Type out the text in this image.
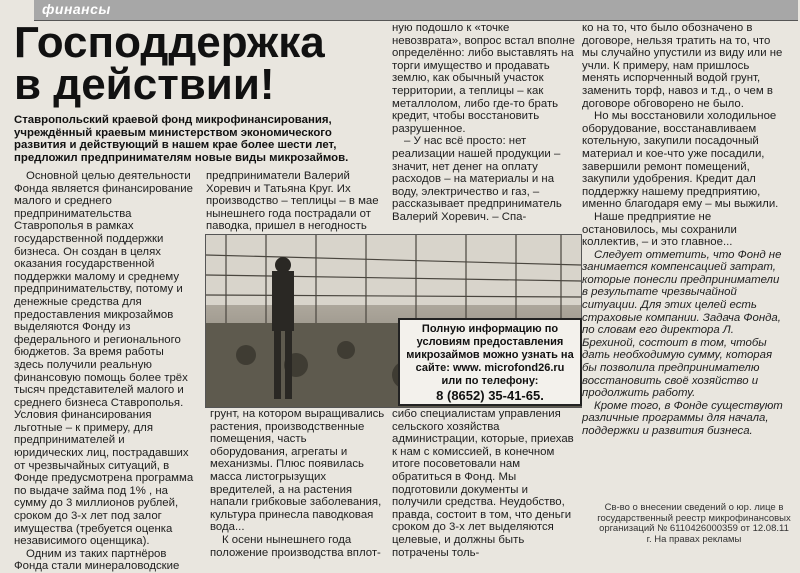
финансы
Господдержка
в действии!
Ставропольский краевой фонд микрофинансирования, учреждённый краевым министерством экономического развития и действующий в нашем крае более шести лет, предложил предпринимателям новые виды микрозаймов.

Основной целью деятельности Фонда является финансирование малого и среднего предпринимательства Ставрополья в рамках государственной поддержки бизнеса. Он создан в целях оказания государственной поддержки малому и среднему предпринимательству, потому и денежные средства для предоставления микрозаймов выделяются Фонду из федерального и регионального бюджетов. За время работы здесь получили реальную финансовую помощь более трёх тысяч представителей малого и среднего бизнеса Ставрополья. Условия финансирования льготные – к примеру, для предпринимателей и юридических лиц, пострадавших от чрезвычайных ситуаций, в Фонде предусмотрена программа по выдаче займа под 1% , на сумму до 3 миллионов рублей, сроком до 3-х лет под залог имущества (требуется оценка независимого оценщика).

Одним из таких партнёров Фонда стали минераловодские

предприниматели Валерий Хоревич и Татьяна Круг. Их производство – теплицы – в мае нынешнего года пострадали от паводка, пришел в негодность

ную подошло к «точке невозврата», вопрос встал вполне определённо: либо выставлять на торги имущество и продавать землю, как обычный участок территории, а теплицы – как металлолом, либо где-то брать кредит, чтобы восстановить разрушенное.

– У нас всё просто: нет реализации нашей продукции – значит, нет денег на оплату расходов – на материалы и на воду, электричество и газ, – рассказывает предприниматель Валерий Хоревич. – Спа-

ко на то, что было обозначено в договоре, нельзя тратить на то, что мы случайно упустили из виду или не учли. К примеру, нам пришлось менять испорченный водой грунт, заменить торф, навоз и т.д., о чем в договоре обговорено не было.

Но мы восстановили холодильное оборудование, восстанавливаем котельную, закупили посадочный материал и кое-что уже посадили, завершили ремонт помещений, закупили удобрения. Кредит дал поддержку нашему предприятию, именно благодаря ему – мы выжили.

Наше предприятие не остановилось, мы сохранили коллектив, – и это главное...

Следует отметить, что Фонд не занимается компенсацией затрат, которые понесли предприниматели в результате чрезвычайной ситуации. Для этих целей есть страховые компании. Задача Фонда, по словам его директора Л. Брехиной, состоит в том, чтобы дать необходимую сумму, которая бы позволила предпринимателю восстановить своё хозяйство и продолжить работу.

Кроме того, в Фонде существуют различные программы для начала, поддержки и развития бизнеса.

Полную информацию по условиям предоставления микрозаймов можно узнать на сайте: www. microfond26.ru или по телефону:
8 (8652) 35-41-65.

грунт, на котором выращивались растения, производственные помещения, часть оборудования, агрегаты и механизмы. Плюс появилась масса листогрызущих вредителей, а на растения напали грибковые заболевания, культура принесла паводковая вода...

К осени нынешнего года положение производства вплот-

сибо специалистам управления сельского хозяйства администрации, которые, приехав к нам с комиссией, в конечном итоге посоветовали нам обратиться в Фонд. Мы подготовили документы и получили средства. Неудобство, правда, состоит в том, что деньги сроком до 3-х лет выделяются целевые, и должны быть потрачены толь-

Св-во о внесении сведений о юр. лице в государственный реестр микрофинансовых организаций № 6110426000359 от 12.08.11 г. На правах рекламы
